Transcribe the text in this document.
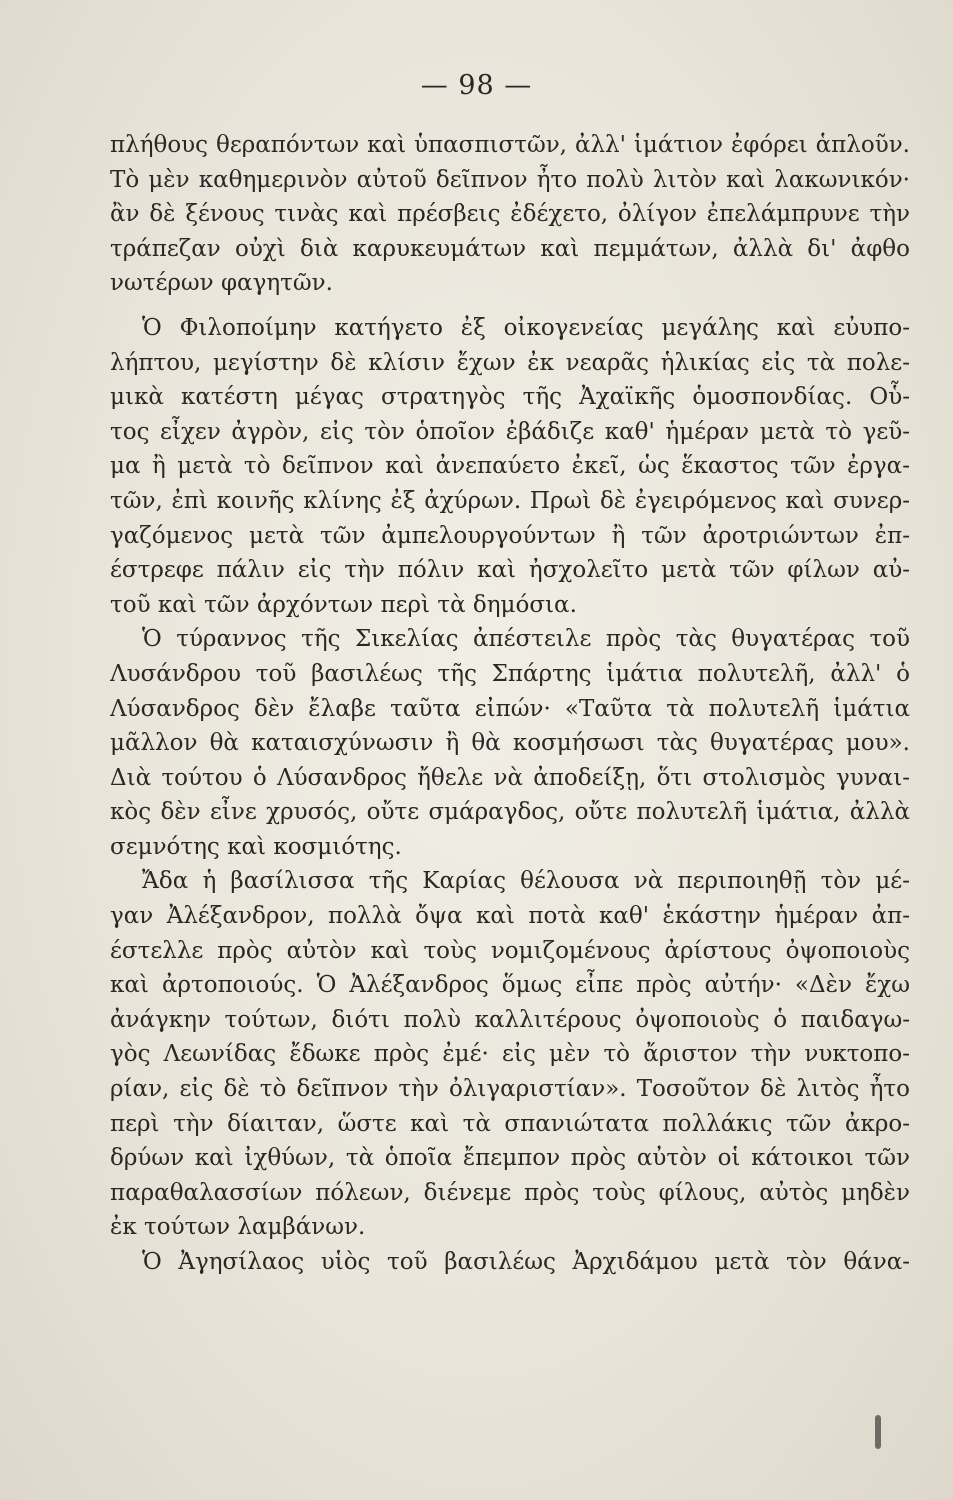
— 98 —
πλήθους θεραπόντων καὶ ὑπασπιστῶν, ἀλλ' ἱμάτιον ἐφόρει ἁπλοῦν.
Τὸ μὲν καθημερινὸν αὐτοῦ δεῖπνον ἦτο πολὺ λιτὸν καὶ λακωνικόν·
ἂν δὲ ξένους τινὰς καὶ πρέσβεις ἐδέχετο, ὀλίγον ἐπελάμπρυνε τὴν
τράπεζαν οὐχὶ διὰ καρυκευμάτων καὶ πεμμάτων, ἀλλὰ δι' ἀφθο
νωτέρων φαγητῶν.
Ὁ Φιλοποίμην κατήγετο ἐξ οἰκογενείας μεγάλης καὶ εὐυπο-
λήπτου, μεγίστην δὲ κλίσιν ἔχων ἐκ νεαρᾶς ἡλικίας εἰς τὰ πολε-
μικὰ κατέστη μέγας στρατηγὸς τῆς Ἀχαϊκῆς ὁμοσπονδίας. Οὗ-
τος εἶχεν ἀγρὸν, εἰς τὸν ὁποῖον ἐβάδιζε καθ' ἡμέραν μετὰ τὸ γεῦ-
μα ἢ μετὰ τὸ δεῖπνον καὶ ἀνεπαύετο ἐκεῖ, ὡς ἕκαστος τῶν ἐργα-
τῶν, ἐπὶ κοινῆς κλίνης ἐξ ἀχύρων. Πρωὶ δὲ ἐγειρόμενος καὶ συνερ-
γαζόμενος μετὰ τῶν ἀμπελουργούντων ἢ τῶν ἀροτριώντων ἐπ-
έστρεφε πάλιν εἰς τὴν πόλιν καὶ ἠσχολεῖτο μετὰ τῶν φίλων αὐ-
τοῦ καὶ τῶν ἀρχόντων περὶ τὰ δημόσια.
Ὁ τύραννος τῆς Σικελίας ἀπέστειλε πρὸς τὰς θυγατέρας τοῦ
Λυσάνδρου τοῦ βασιλέως τῆς Σπάρτης ἱμάτια πολυτελῆ, ἀλλ' ὁ
Λύσανδρος δὲν ἔλαβε ταῦτα εἰπών· «Ταῦτα τὰ πολυτελῆ ἱμάτια
μᾶλλον θὰ καταισχύνωσιν ἢ θὰ κοσμήσωσι τὰς θυγατέρας μου».
Διὰ τούτου ὁ Λύσανδρος ἤθελε νὰ ἀποδείξῃ, ὅτι στολισμὸς γυναι-
κὸς δὲν εἶνε χρυσός, οὔτε σμάραγδος, οὔτε πολυτελῆ ἱμάτια, ἀλλὰ
σεμνότης καὶ κοσμιότης.
Ἄδα ἡ βασίλισσα τῆς Καρίας θέλουσα νὰ περιποιηθῇ τὸν μέ-
γαν Ἀλέξανδρον, πολλὰ ὄψα καὶ ποτὰ καθ' ἑκάστην ἡμέραν ἀπ-
έστελλε πρὸς αὐτὸν καὶ τοὺς νομιζομένους ἀρίστους ὀψοποιοὺς
καὶ ἀρτοποιούς. Ὁ Ἀλέξανδρος ὅμως εἶπε πρὸς αὐτήν· «Δὲν ἔχω
ἀνάγκην τούτων, διότι πολὺ καλλιτέρους ὀψοποιοὺς ὁ παιδαγω-
γὸς Λεωνίδας ἔδωκε πρὸς ἐμέ· εἰς μὲν τὸ ἄριστον τὴν νυκτοπο-
ρίαν, εἰς δὲ τὸ δεῖπνον τὴν ὀλιγαριστίαν». Τοσοῦτον δὲ λιτὸς ἦτο
περὶ τὴν δίαιταν, ὥστε καὶ τὰ σπανιώτατα πολλάκις τῶν ἀκρο-
δρύων καὶ ἰχθύων, τὰ ὁποῖα ἔπεμπον πρὸς αὐτὸν οἱ κάτοικοι τῶν
παραθαλασσίων πόλεων, διένεμε πρὸς τοὺς φίλους, αὐτὸς μηδὲν
ἐκ τούτων λαμβάνων.
Ὁ Ἀγησίλαος υἱὸς τοῦ βασιλέως Ἀρχιδάμου μετὰ τὸν θάνα-
